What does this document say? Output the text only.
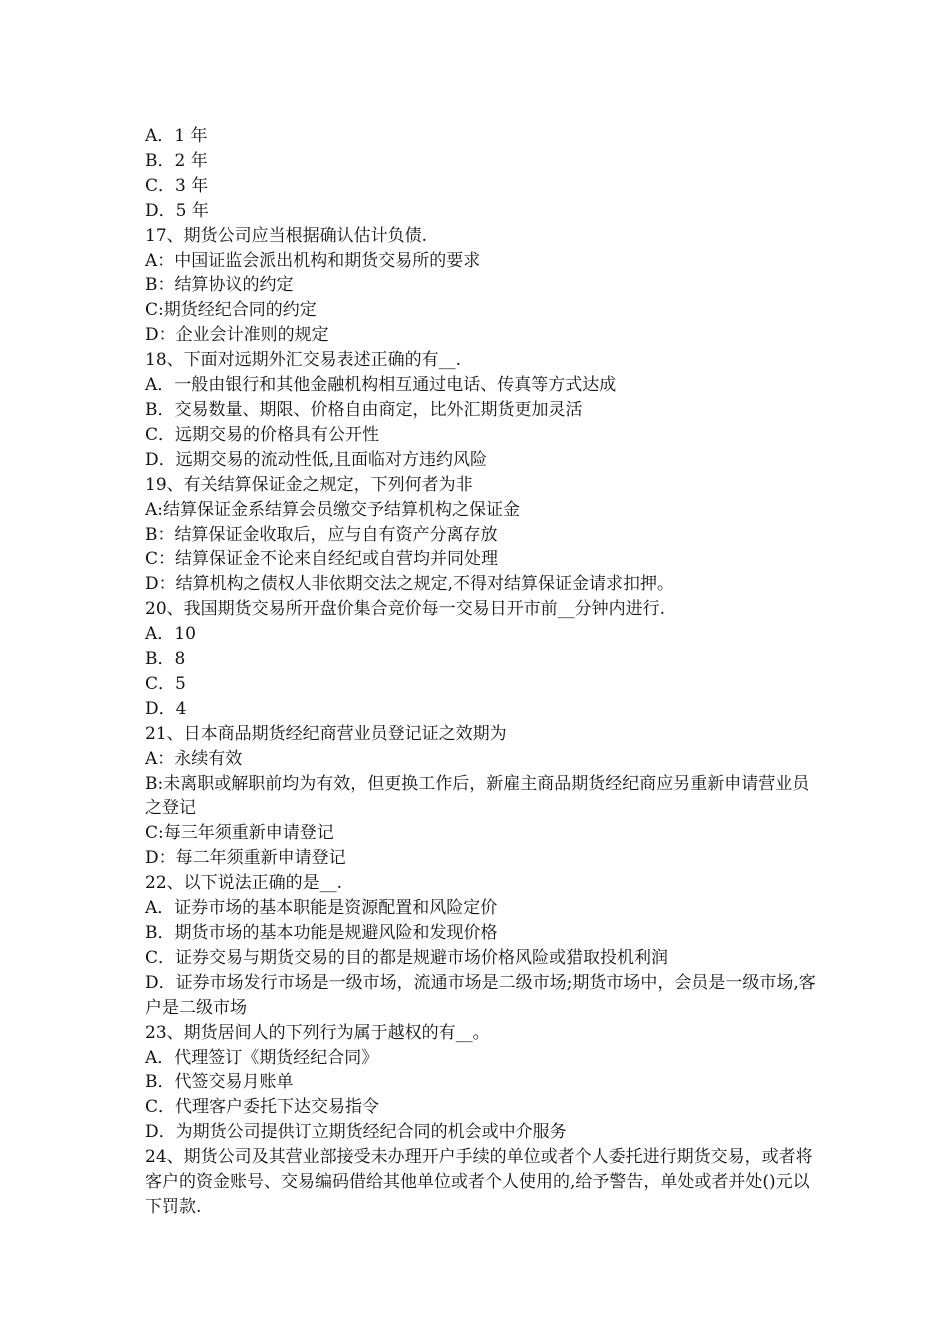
A．1 年
B．2 年
C．3 年
D．5 年
17、期货公司应当根据确认估计负债.
A：中国证监会派出机构和期货交易所的要求
B：结算协议的约定
C:期货经纪合同的约定
D：企业会计准则的规定
18、下面对远期外汇交易表述正确的有__.
A．一般由银行和其他金融机构相互通过电话、传真等方式达成
B．交易数量、期限、价格自由商定，比外汇期货更加灵活
C．远期交易的价格具有公开性
D．远期交易的流动性低,且面临对方违约风险
19、有关结算保证金之规定，下列何者为非
A:结算保证金系结算会员缴交予结算机构之保证金
B：结算保证金收取后，应与自有资产分离存放
C：结算保证金不论来自经纪或自营均并同处理
D：结算机构之债权人非依期交法之规定,不得对结算保证金请求扣押。
20、我国期货交易所开盘价集合竞价每一交易日开市前__分钟内进行.
A．10
B．8
C．5
D．4
21、日本商品期货经纪商营业员登记证之效期为
A：永续有效
B:未离职或解职前均为有效，但更换工作后，新雇主商品期货经纪商应另重新申请营业员之登记
C:每三年须重新申请登记
D：每二年须重新申请登记
22、以下说法正确的是__.
A．证券市场的基本职能是资源配置和风险定价
B．期货市场的基本功能是规避风险和发现价格
C．证券交易与期货交易的目的都是规避市场价格风险或猎取投机利润
D．证券市场发行市场是一级市场，流通市场是二级市场;期货市场中，会员是一级市场,客户是二级市场
23、期货居间人的下列行为属于越权的有__。
A．代理签订《期货经纪合同》
B．代签交易月账单
C．代理客户委托下达交易指令
D．为期货公司提供订立期货经纪合同的机会或中介服务
24、期货公司及其营业部接受未办理开户手续的单位或者个人委托进行期货交易，或者将客户的资金账号、交易编码借给其他单位或者个人使用的,给予警告，单处或者并处()元以下罚款.
